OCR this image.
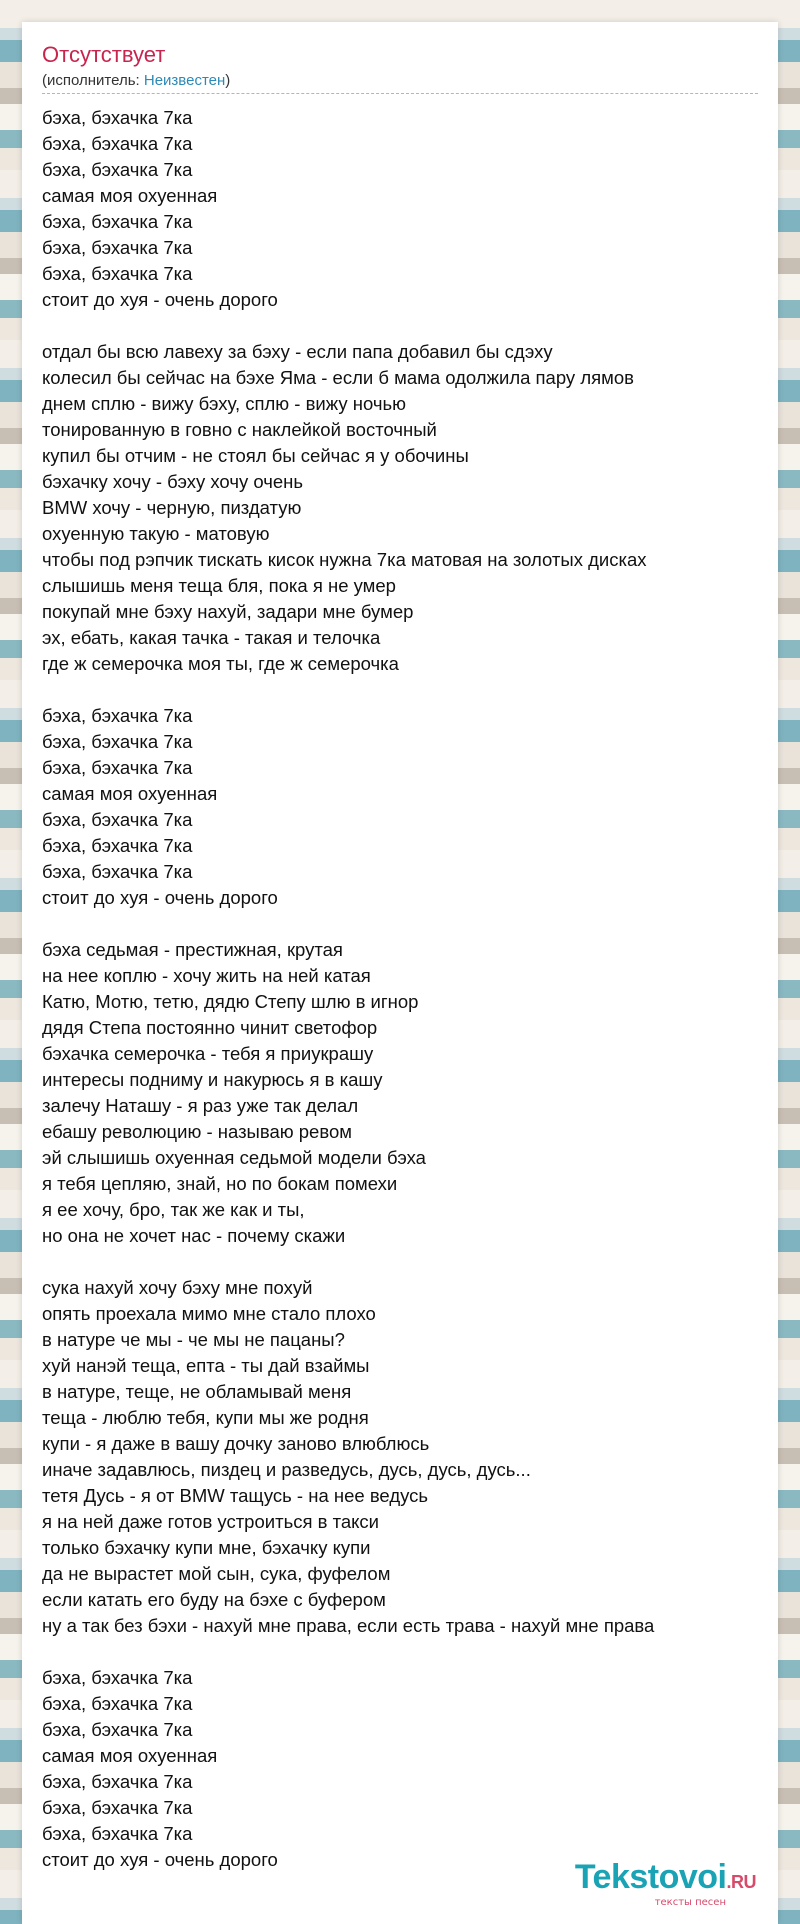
Отсутствует
(исполнитель: Неизвестен)
бэха, бэхачка 7ка
бэха, бэхачка 7ка
бэха, бэхачка 7ка
самая моя охуенная
бэха, бэхачка 7ка
бэха, бэхачка 7ка
бэха, бэхачка 7ка
стоит до хуя - очень дорого
отдал бы всю лавеху за бэху - если папа добавил бы сдэху
колесил бы сейчас на бэхе Яма - если б мама одолжила пару лямов
днем сплю - вижу бэху, сплю - вижу ночью
тонированную в говно с наклейкой восточный
купил бы отчим - не стоял бы сейчас я у обочины
бэхачку хочу - бэху хочу очень
BMW хочу - черную, пиздатую
охуенную такую - матовую
чтобы под рэпчик тискать кисок нужна 7ка матовая на золотых дисках
слышишь меня теща бля, пока я не умер
покупай мне бэху нахуй, задари мне бумер
эх, ебать, какая тачка - такая и телочка
где ж семерочка моя ты, где ж семерочка
бэха, бэхачка 7ка
бэха, бэхачка 7ка
бэха, бэхачка 7ка
самая моя охуенная
бэха, бэхачка 7ка
бэха, бэхачка 7ка
бэха, бэхачка 7ка
стоит до хуя - очень дорого
бэха седьмая - престижная, крутая
на нее коплю - хочу жить на ней катая
Катю, Мотю, тетю, дядю Степу шлю в игнор
дядя Степа постоянно чинит светофор
бэхачка семерочка - тебя я приукрашу
интересы подниму и накурюсь я в кашу
залечу Наташу - я раз уже так делал
ебашу революцию - называю ревом
эй слышишь охуенная седьмой модели бэха
я тебя цепляю, знай, но по бокам помехи
я ее хочу, бро, так же как и ты,
но она не хочет нас - почему скажи
сука нахуй хочу бэху мне похуй
опять проехала мимо мне стало плохо
в натуре че мы - че мы не пацаны?
хуй нанэй теща, епта - ты дай взаймы
в натуре, теще, не обламывай меня
теща - люблю тебя, купи мы же родня
купи - я даже в вашу дочку заново влюблюсь
иначе задавлюсь, пиздец и разведусь, дусь, дусь, дусь...
тетя Дусь - я от BMW тащусь - на нее ведусь
я на ней даже готов устроиться в такси
только бэхачку купи мне, бэхачку купи
да не вырастет мой сын, сука, фуфелом
если катать его буду на бэхе с буфером
ну а так без бэхи - нахуй мне права, если есть трава - нахуй мне права
бэха, бэхачка 7ка
бэха, бэхачка 7ка
бэха, бэхачка 7ка
самая моя охуенная
бэха, бэхачка 7ка
бэха, бэхачка 7ка
бэха, бэхачка 7ка
стоит до хуя - очень дорого	Tekstovoi.RU
тексты песен
